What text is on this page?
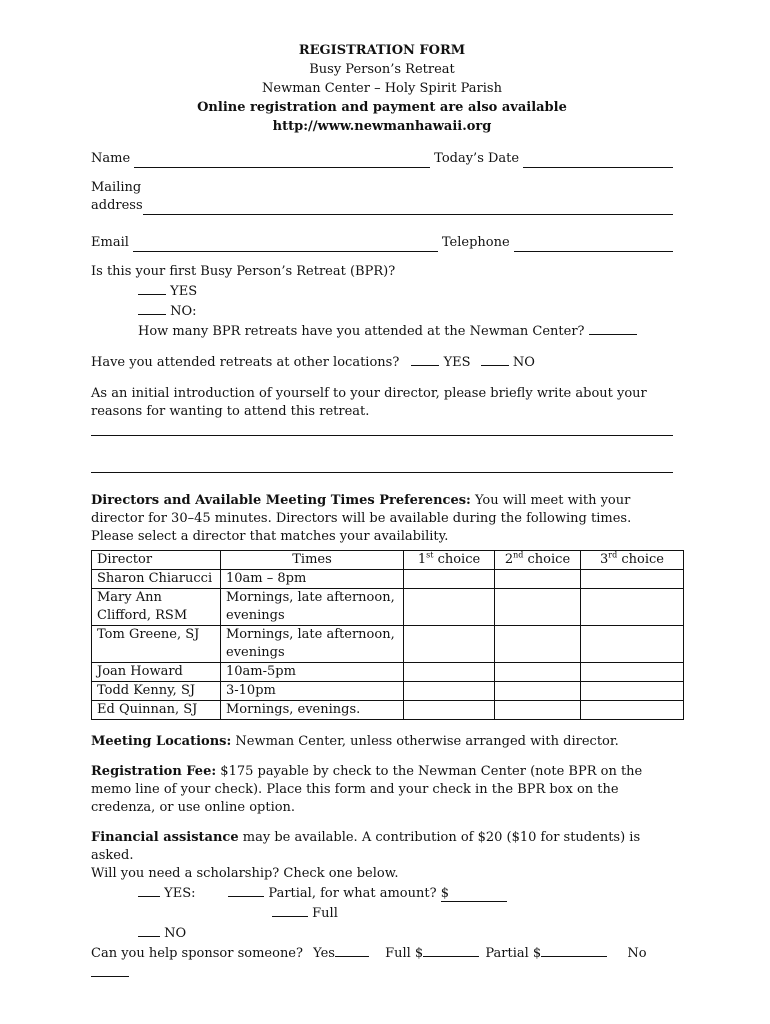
REGISTRATION FORM
Busy Person’s Retreat
Newman Center – Holy Spirit Parish
Online registration and payment are also available
http://www.newmanhawaii.org
Name	Today’s Date
Mailing
address
Email	Telephone
Is this your first Busy Person’s Retreat (BPR)?
YES
NO:
How many BPR retreats have you attended at the Newman Center?
Have you attended retreats at other locations?	YES	NO
As an initial introduction of yourself to your director, please briefly write about your reasons for wanting to attend this retreat.
Directors and Available Meeting Times Preferences: You will meet with your director for 30–45 minutes. Directors will be available during the following times. Please select a director that matches your availability.
Director	Times	1st choice	2nd choice	3rd choice
Sharon Chiarucci	10am – 8pm			
Mary Ann Clifford, RSM	Mornings, late afternoon, evenings			
Tom Greene, SJ	Mornings, late afternoon, evenings			
Joan Howard	10am-5pm			
Todd Kenny, SJ	3-10pm			
Ed Quinnan, SJ	Mornings, evenings.			
Meeting Locations: Newman Center, unless otherwise arranged with director.
Registration Fee: $175 payable by check to the Newman Center (note BPR on the memo line of your check). Place this form and your check in the BPR box on the credenza, or use online option.
Financial assistance may be available. A contribution of $20 ($10 for students) is asked.
Will you need a scholarship? Check one below.
YES:	Partial, for what amount? $
Full
NO
Can you help sponsor someone? Yes	Full $	Partial $	No
